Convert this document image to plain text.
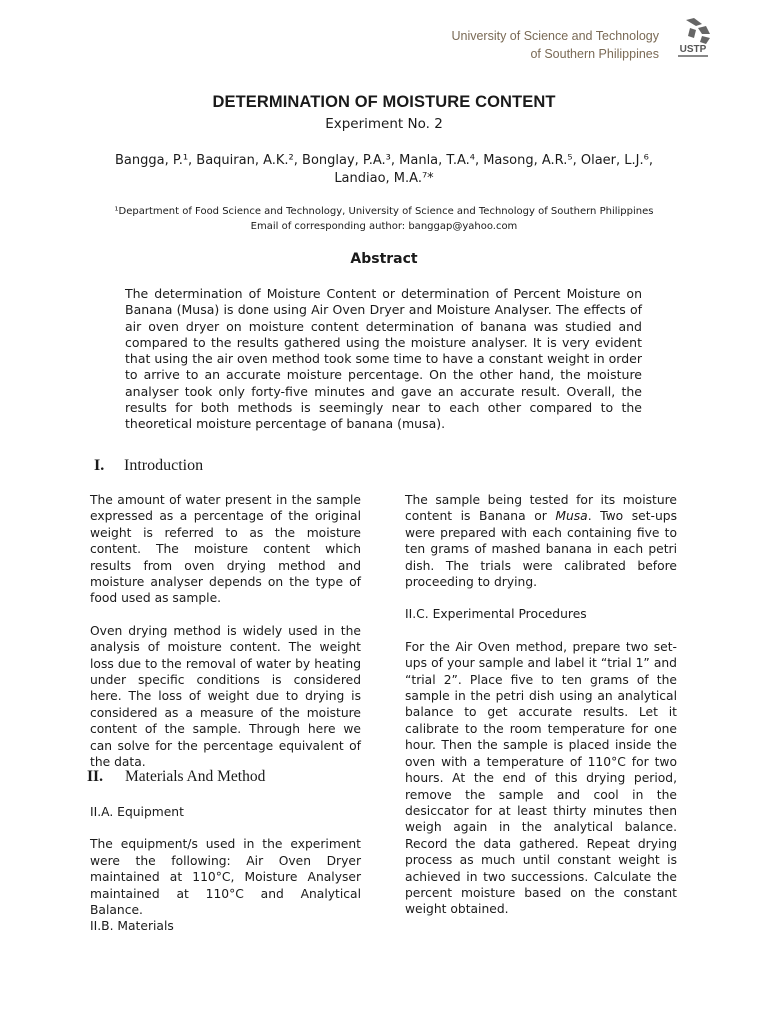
University of Science and Technology
of Southern Philippines USTP
DETERMINATION OF MOISTURE CONTENT
Experiment No. 2
Bangga, P.¹, Baquiran, A.K.², Bonglay, P.A.³, Manla, T.A.⁴, Masong, A.R.⁵, Olaer, L.J.⁶,
Landiao, M.A.⁷*
¹Department of Food Science and Technology, University of Science and Technology of Southern Philippines
Email of corresponding author: banggap@yahoo.com
Abstract
The determination of Moisture Content or determination of Percent Moisture on Banana (Musa) is done using Air Oven Dryer and Moisture Analyser. The effects of air oven dryer on moisture content determination of banana was studied and compared to the results gathered using the moisture analyser. It is very evident that using the air oven method took some time to have a constant weight in order to arrive to an accurate moisture percentage. On the other hand, the moisture analyser took only forty-five minutes and gave an accurate result. Overall, the results for both methods is seemingly near to each other compared to the theoretical moisture percentage of banana (musa).
I. Introduction

The amount of water present in the sample expressed as a percentage of the original weight is referred to as the moisture content. The moisture content which results from oven drying method and moisture analyser depends on the type of food used as sample.

Oven drying method is widely used in the analysis of moisture content. The weight loss due to the removal of water by heating under specific conditions is considered here. The loss of weight due to drying is considered as a measure of the moisture content of the sample. Through here we can solve for the percentage equivalent of the data.

II. Materials And Method

II.A. Equipment

The equipment/s used in the experiment were the following: Air Oven Dryer maintained at 110°C, Moisture Analyser maintained at 110°C and Analytical Balance.

II.B. Materials

The sample being tested for its moisture content is Banana or Musa. Two set-ups were prepared with each containing five to ten grams of mashed banana in each petri dish. The trials were calibrated before proceeding to drying.

II.C. Experimental Procedures

For the Air Oven method, prepare two set-ups of your sample and label it “trial 1” and “trial 2”. Place five to ten grams of the sample in the petri dish using an analytical balance to get accurate results. Let it calibrate to the room temperature for one hour. Then the sample is placed inside the oven with a temperature of 110°C for two hours. At the end of this drying period, remove the sample and cool in the desiccator for at least thirty minutes then weigh again in the analytical balance. Record the data gathered. Repeat drying process as much until constant weight is achieved in two successions. Calculate the percent moisture based on the constant weight obtained.
